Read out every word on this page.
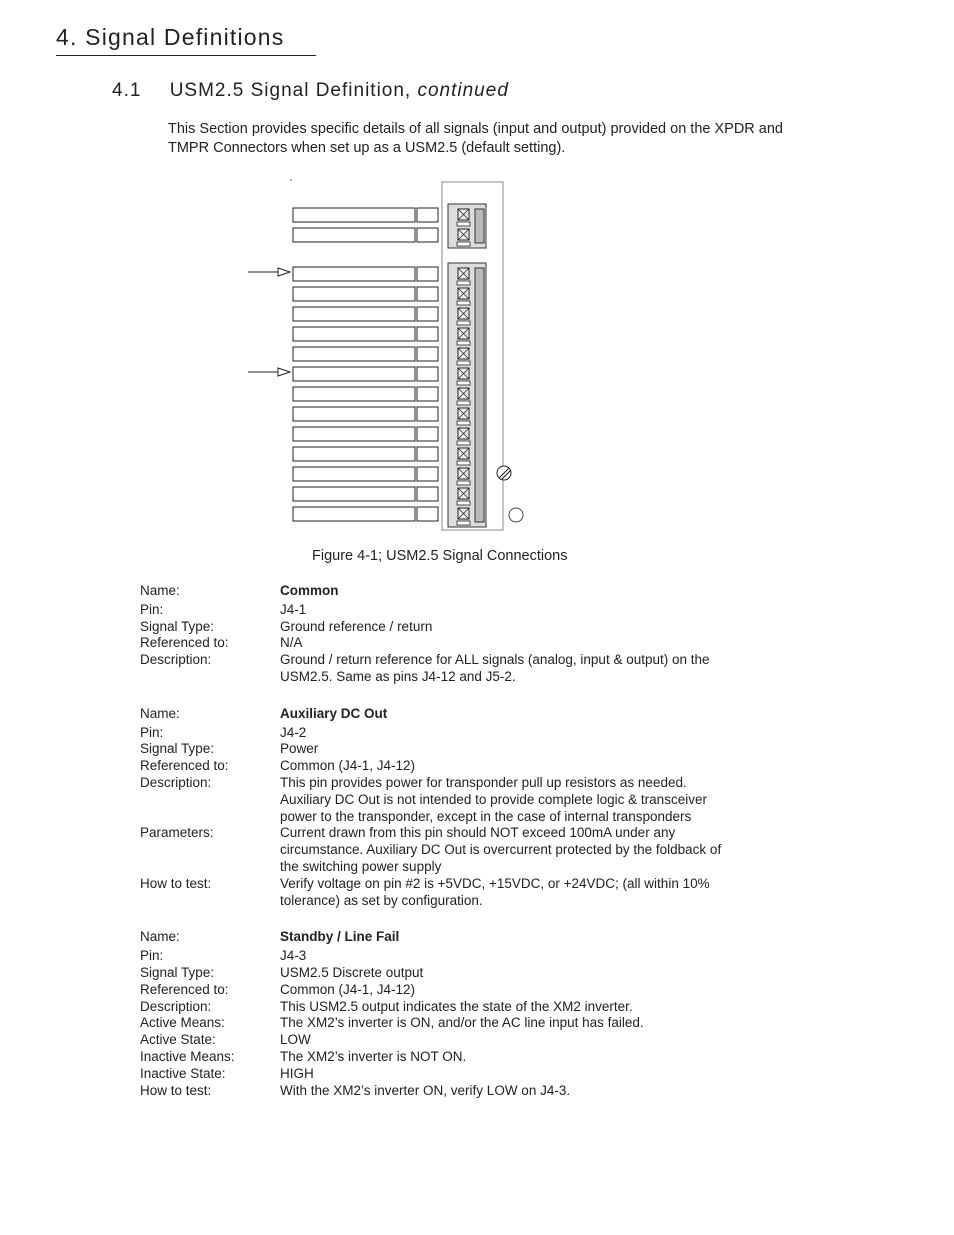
4. Signal Definitions
4.1 USM2.5 Signal Definition, continued

This Section provides specific details of all signals (input and output) provided on the XPDR and TMPR Connectors when set up as a USM2.5 (default setting).

Figure 4-1; USM2.5 Signal Connections
Name:	Common
Pin:	J4-1
Signal Type:	Ground reference / return
Referenced to:	N/A
Description:	Ground / return reference for ALL signals (analog, input & output) on the USM2.5. Same as pins J4-12 and J5-2.
Name:	Auxiliary DC Out
Pin:	J4-2
Signal Type:	Power
Referenced to:	Common (J4-1, J4-12)
Description:	This pin provides power for transponder pull up resistors as needed. Auxiliary DC Out is not intended to provide complete logic & transceiver power to the transponder, except in the case of internal transponders
Parameters:	Current drawn from this pin should NOT exceed 100mA under any circumstance. Auxiliary DC Out is overcurrent protected by the foldback of the switching power supply
How to test:	Verify voltage on pin #2 is +5VDC, +15VDC, or +24VDC; (all within 10% tolerance) as set by configuration.
Name:	Standby / Line Fail
Pin:	J4-3
Signal Type:	USM2.5 Discrete output
Referenced to:	Common (J4-1, J4-12)
Description:	This USM2.5 output indicates the state of the XM2 inverter.
Active Means:	The XM2’s inverter is ON, and/or the AC line input has failed.
Active State:	LOW
Inactive Means:	The XM2’s inverter is NOT ON.
Inactive State:	HIGH
How to test:	With the XM2’s inverter ON, verify LOW on J4-3.
